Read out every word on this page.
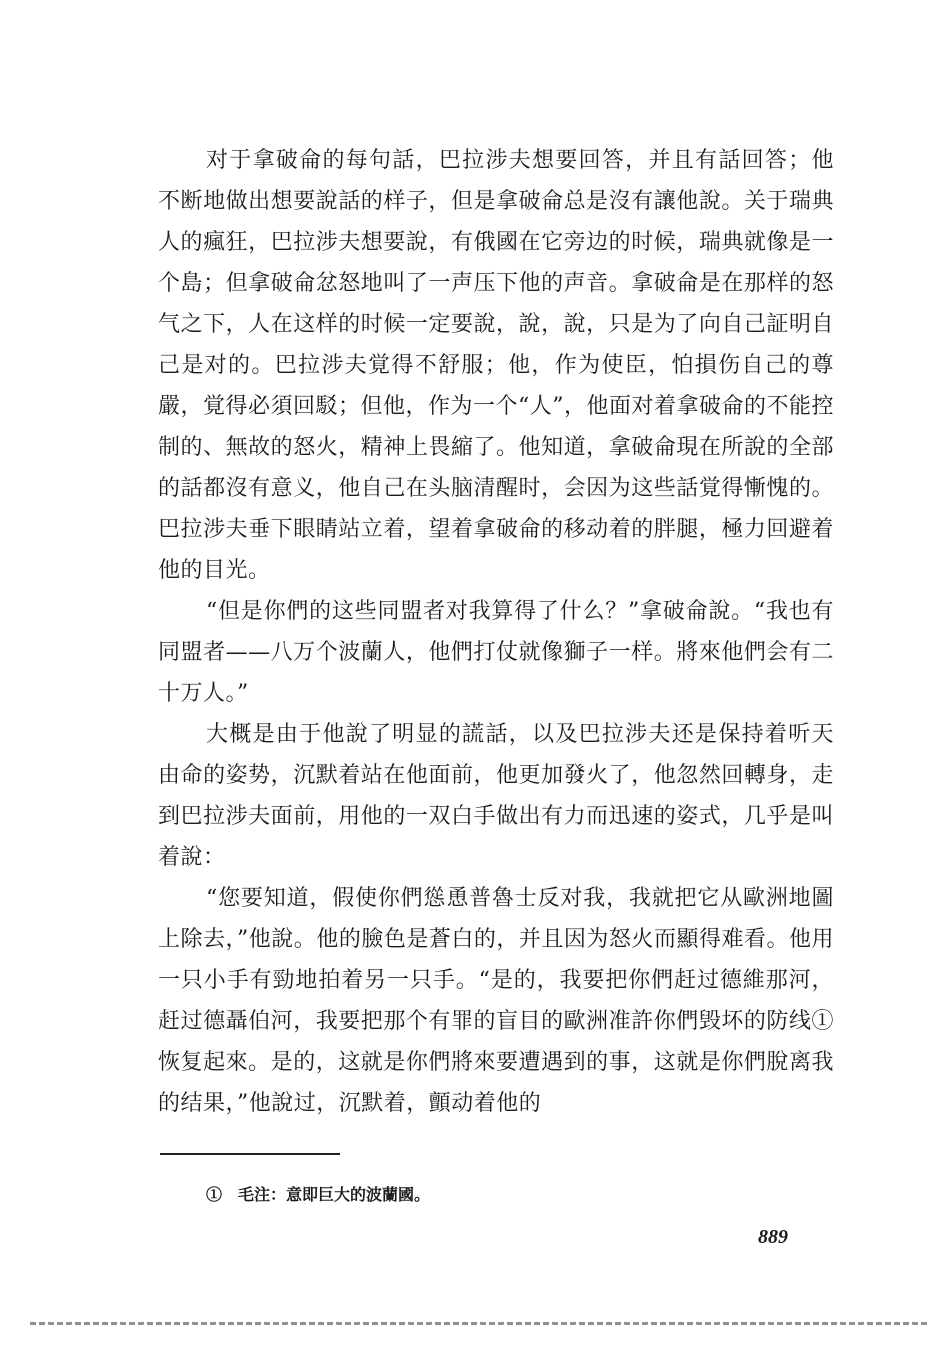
对于拿破侖的每句話，巴拉涉夫想要回答，并且有話回答；他不断地做出想要說話的样子，但是拿破侖总是沒有讓他說。关于瑞典人的瘋狂，巴拉涉夫想要說，有俄國在它旁边的时候，瑞典就像是一个島；但拿破侖忿怒地叫了一声压下他的声音。拿破侖是在那样的怒气之下，人在这样的时候一定要說，說，說，只是为了向自己証明自己是对的。巴拉涉夫覚得不舒服；他，作为使臣，怕損伤自己的尊嚴，覚得必須回駁；但他，作为一个“人”，他面对着拿破侖的不能控制的、無故的怒火，精神上畏縮了。他知道，拿破侖現在所說的全部的話都沒有意义，他自己在头脑清醒时，会因为这些話覚得慚愧的。巴拉涉夫垂下眼睛站立着，望着拿破侖的移动着的胖腿，極力回避着他的目光。

“但是你們的这些同盟者对我算得了什么？”拿破侖說。“我也有同盟者——八万个波蘭人，他們打仗就像獅子一样。將來他們会有二十万人。”

大概是由于他說了明显的謊話，以及巴拉涉夫还是保持着听天由命的姿势，沉默着站在他面前，他更加發火了，他忽然回轉身，走到巴拉涉夫面前，用他的一双白手做出有力而迅速的姿式，几乎是叫着說：

“您要知道，假使你們慫恿普魯士反对我，我就把它从歐洲地圖上除去，”他說。他的臉色是蒼白的，并且因为怒火而顯得难看。他用一只小手有勁地拍着另一只手。“是的，我要把你們赶过德維那河，赶过德聶伯河，我要把那个有罪的盲目的歐洲准許你們毁坏的防线① 恢复起來。是的，这就是你們將來要遭遇到的事，这就是你們脫离我的结果，”他說过，沉默着，顫动着他的

①　毛注：意即巨大的波蘭國。
889
